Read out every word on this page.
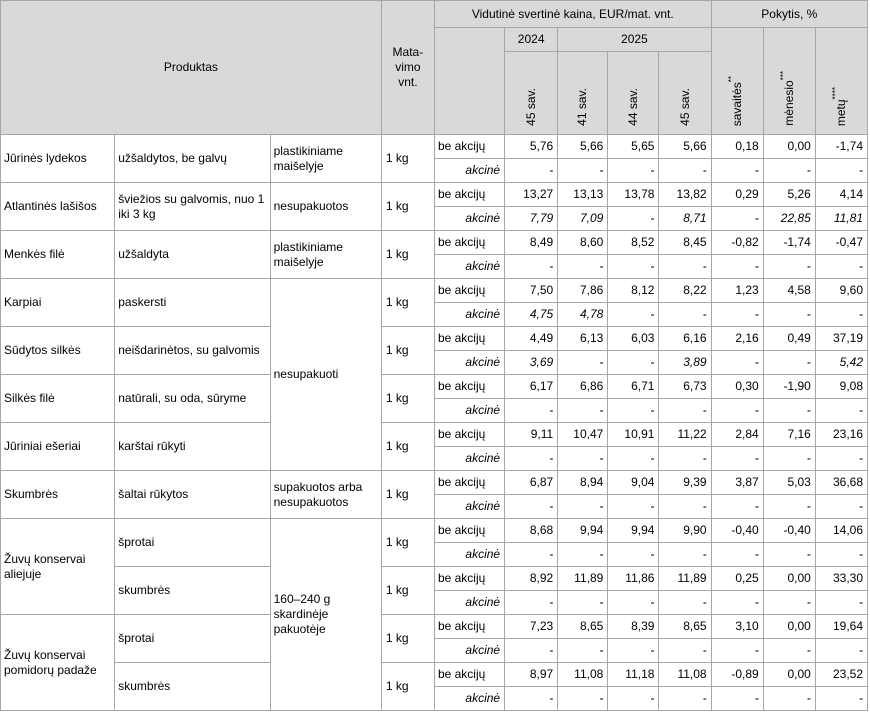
Produktas			Mata-vimo vnt.	Vidutinė svertinė kaina, EUR/mat. vnt.					Pokytis, %		
					2024	2025			savaitės**	mėnesio***	metų****
					45 sav.	41 sav.	44 sav.	45 sav.			
Jūrinės lydekos	užšaldytos, be galvų	plastikiniame maišelyje	1 kg	be akcijų	5,76	5,66	5,65	5,66	0,18	0,00	-1,74
				akcinė	-	-	-	-	-	-	-
Atlantinės lašišos	šviežios su galvomis, nuo 1 iki 3 kg	nesupakuotos	1 kg	be akcijų	13,27	13,13	13,78	13,82	0,29	5,26	4,14
				akcinė	7,79	7,09	-	8,71	-	22,85	11,81
Menkės filė	užšaldyta	plastikiniame maišelyje	1 kg	be akcijų	8,49	8,60	8,52	8,45	-0,82	-1,74	-0,47
				akcinė	-	-	-	-	-	-	-
Karpiai	paskersti	nesupakuoti	1 kg	be akcijų	7,50	7,86	8,12	8,22	1,23	4,58	9,60
				akcinė	4,75	4,78	-	-	-	-	-
Sūdytos silkės	neišdarinėtos, su galvomis		1 kg	be akcijų	4,49	6,13	6,03	6,16	2,16	0,49	37,19
				akcinė	3,69	-	-	3,89	-	-	5,42
Silkės filė	natūrali, su oda, sūryme		1 kg	be akcijų	6,17	6,86	6,71	6,73	0,30	-1,90	9,08
				akcinė	-	-	-	-	-	-	-
Jūriniai ešeriai	karštai rūkyti		1 kg	be akcijų	9,11	10,47	10,91	11,22	2,84	7,16	23,16
				akcinė	-	-	-	-	-	-	-
Skumbrės	šaltai rūkytos	supakuotos arba nesupakuotos	1 kg	be akcijų	6,87	8,94	9,04	9,39	3,87	5,03	36,68
				akcinė	-	-	-	-	-	-	-
Žuvų konservai aliejuje	šprotai	160–240 g skardinėje pakuotėje	1 kg	be akcijų	8,68	9,94	9,94	9,90	-0,40	-0,40	14,06
				akcinė	-	-	-	-	-	-	-
	skumbrės		1 kg	be akcijų	8,92	11,89	11,86	11,89	0,25	0,00	33,30
				akcinė	-	-	-	-	-	-	-
Žuvų konservai pomidorų padaže	šprotai		1 kg	be akcijų	7,23	8,65	8,39	8,65	3,10	0,00	19,64
				akcinė	-	-	-	-	-	-	-
	skumbrės		1 kg	be akcijų	8,97	11,08	11,18	11,08	-0,89	0,00	23,52
				akcinė	-	-	-	-	-	-	-
